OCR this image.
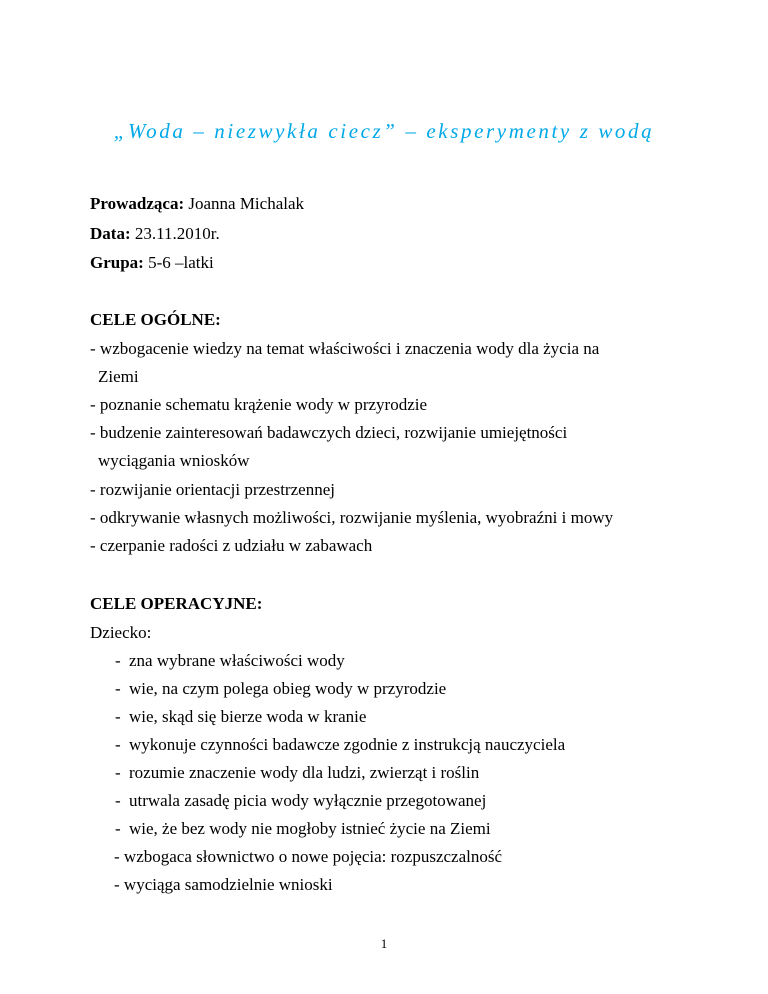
„Woda – niezwykła ciecz” – eksperymenty z wodą
Prowadząca: Joanna Michalak
Data: 23.11.2010r.
Grupa: 5-6 –latki
CELE OGÓLNE:
- wzbogacenie wiedzy na temat właściwości i znaczenia wody dla życia na
Ziemi
- poznanie schematu krążenie wody w przyrodzie
- budzenie zainteresowań badawczych dzieci, rozwijanie umiejętności
wyciągania wniosków
- rozwijanie orientacji przestrzennej
- odkrywanie własnych możliwości, rozwijanie myślenia, wyobraźni i mowy
- czerpanie radości z udziału w zabawach
CELE OPERACYJNE:
Dziecko:
- zna wybrane właściwości wody
- wie, na czym polega obieg wody w przyrodzie
- wie, skąd się bierze woda w kranie
- wykonuje czynności badawcze zgodnie z instrukcją nauczyciela
- rozumie znaczenie wody dla ludzi, zwierząt i roślin
- utrwala zasadę picia wody wyłącznie przegotowanej
- wie, że bez wody nie mogłoby istnieć życie na Ziemi
- wzbogaca słownictwo o nowe pojęcia: rozpuszczalność
- wyciąga samodzielnie wnioski
1
